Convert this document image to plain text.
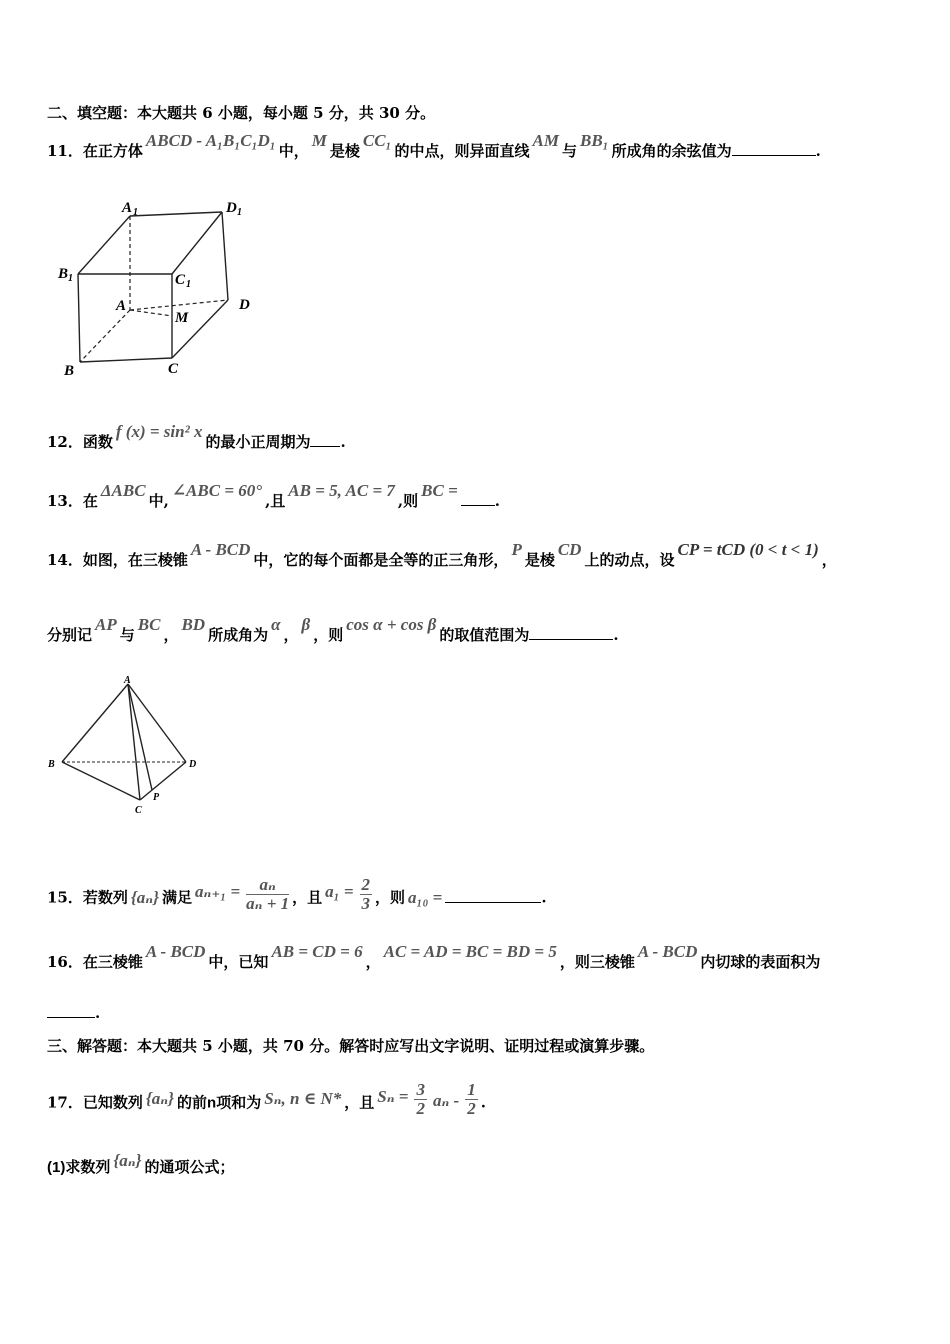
二、填空题：本大题共 6 小题，每小题 5 分，共 30 分。
11．在正方体ABCD - A₁B₁C₁D₁中，M是棱CC₁的中点，则异面直线AM与BB₁所成角的余弦值为	.
A 1	D 1
B 1	C 1
A
M
D
B	C
12．函数f (x) = sin² x的最小正周期为 .
13．在ΔABC中,∠ABC = 60°,且AB = 5, AC = 7,则BC =.
14．如图，在三棱锥A - BCD中，它的每个面都是全等的正三角形，P是棱CD上的动点，设CP = tCD (0 < t < 1)，
分别记AP与BC，BD所成角为α，β，则cos α + cos β的取值范围为	.
A
B	D
C
P
15．若数列 {aₙ} 满足 $a_{n+1} = \frac{\text{aₙ}}{\text{aₙ + 1}}$ ，且 $a_1 = \frac{2}{3}$ ，则 a₁₀ =	.
16．在三棱锥A - BCD中，已知AB = CD = 6，AC = AD = BC = BD = 5，则三棱锥A - BCD内切球的表面积为
.
三、解答题：本大题共 5 小题，共 70 分。解答时应写出文字说明、证明过程或演算步骤。
17．已知数列 {aₙ} 的前n项和为 Sₙ, n ∈ N* ，且 $S_n = \frac{3}{2}$ aₙ - $\frac{1}{2}$ .
(1)求数列 {aₙ} 的通项公式；
